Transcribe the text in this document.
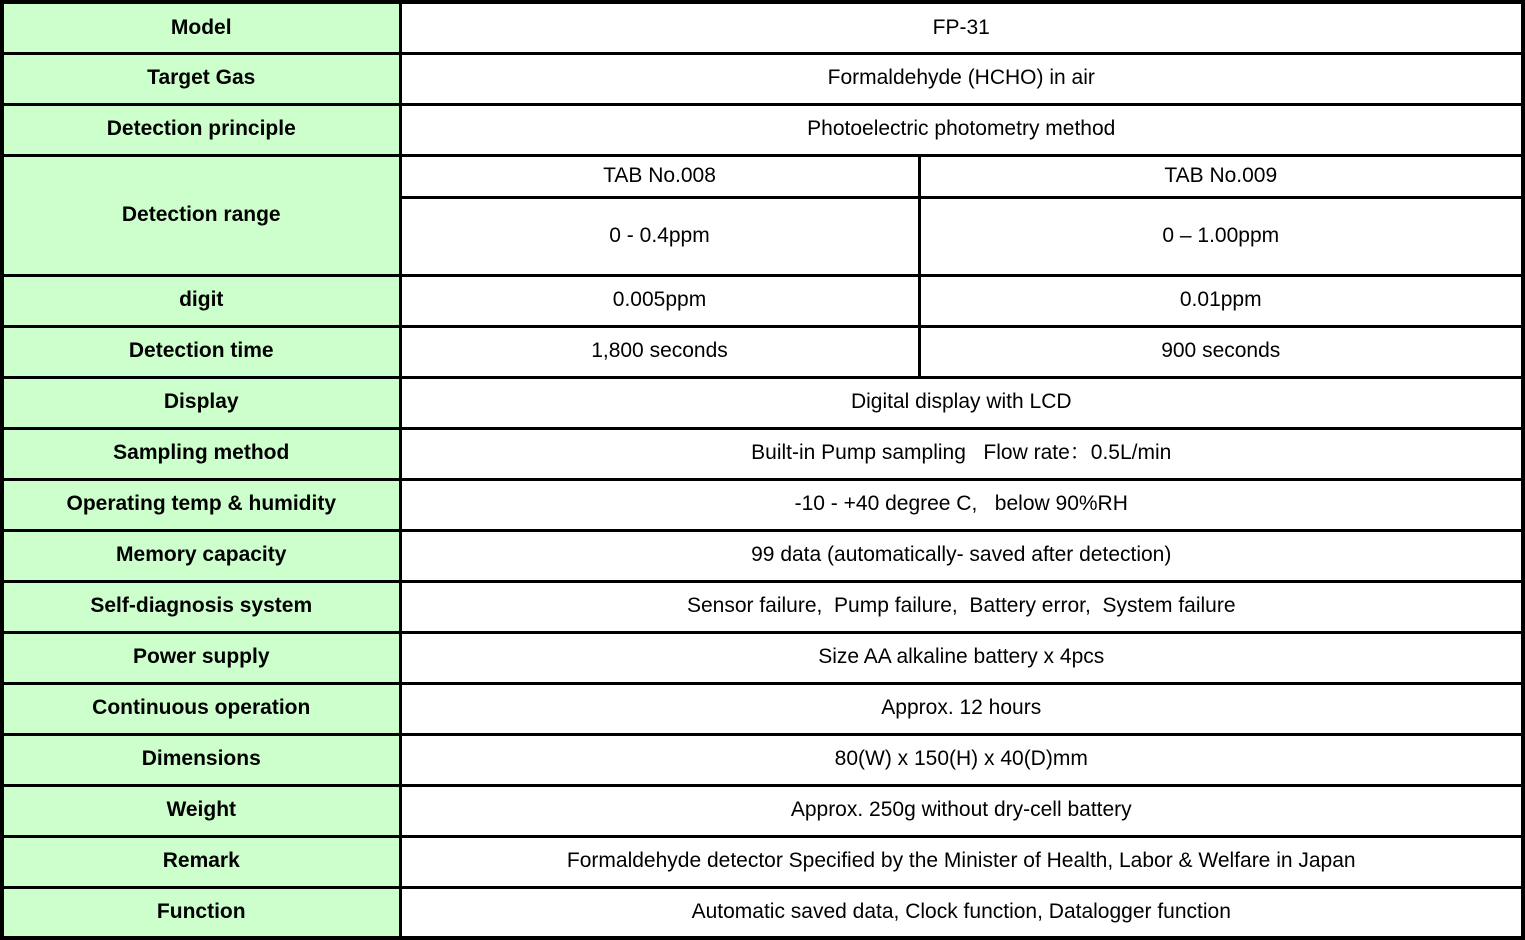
Model	FP-31	
Target Gas	Formaldehyde (HCHO) in air	
Detection principle	Photoelectric photometry method	
Detection range	TAB No.008	TAB No.009
	0 - 0.4ppm	0 – 1.00ppm
digit	0.005ppm	0.01ppm
Detection time	1,800 seconds	900 seconds
Display	Digital display with LCD	
Sampling method	Built-in Pump sampling   Flow rate：0.5L/min	
Operating temp & humidity	-10 - +40 degree C,   below 90%RH	
Memory capacity	99 data (automatically- saved after detection)	
Self-diagnosis system	Sensor failure,  Pump failure,  Battery error,  System failure	
Power supply	Size AA alkaline battery x 4pcs	
Continuous operation	Approx. 12 hours	
Dimensions	80(W) x 150(H) x 40(D)mm	
Weight	Approx. 250g without dry-cell battery	
Remark	Formaldehyde detector Specified by the Minister of Health, Labor & Welfare in Japan	
Function	Automatic saved data, Clock function, Datalogger function	
